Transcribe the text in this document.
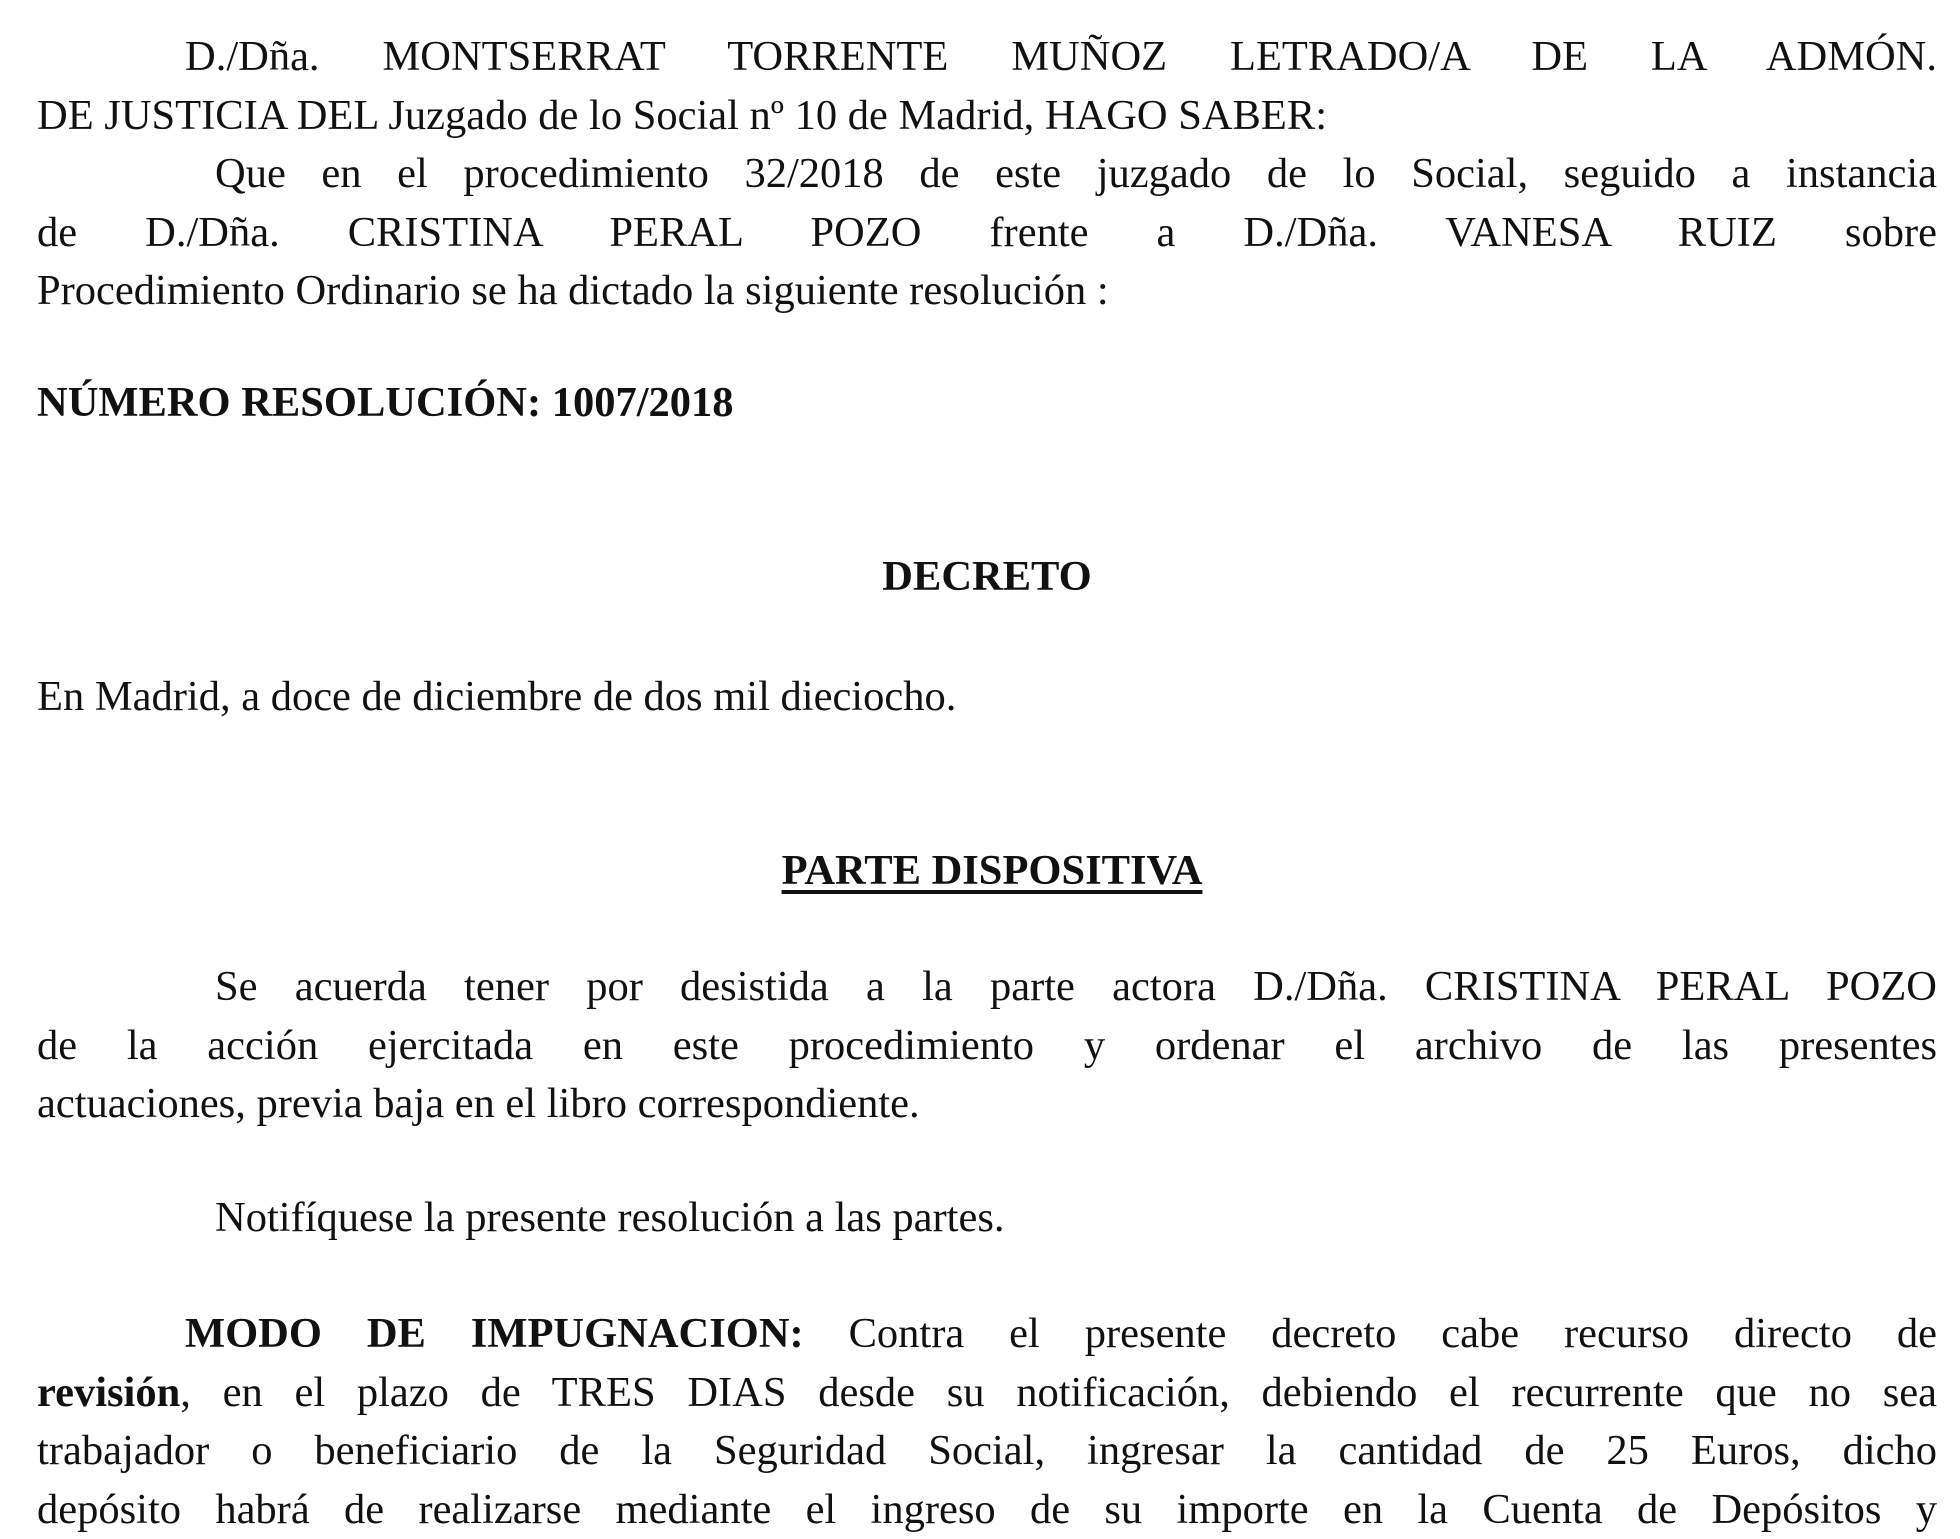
D./Dña. MONTSERRAT TORRENTE MUÑOZ LETRADO/A DE LA ADMÓN.
DE JUSTICIA DEL Juzgado de lo Social nº 10 de Madrid, HAGO SABER:

Que en el procedimiento 32/2018 de este juzgado de lo Social, seguido a instancia
de D./Dña. CRISTINA PERAL POZO frente a D./Dña. VANESA RUIZ sobre
Procedimiento Ordinario se ha dictado la siguiente resolución :

NÚMERO RESOLUCIÓN: 1007/2018

DECRETO

En Madrid, a doce de diciembre de dos mil dieciocho.

PARTE DISPOSITIVA

Se acuerda tener por desistida a la parte actora D./Dña. CRISTINA PERAL POZO
de la acción ejercitada en este procedimiento y ordenar el archivo de las presentes
actuaciones, previa baja en el libro correspondiente.

Notifíquese la presente resolución a las partes.

MODO DE IMPUGNACION: Contra el presente decreto cabe recurso directo de
revisión, en el plazo de TRES DIAS desde su notificación, debiendo el recurrente que no sea
trabajador o beneficiario de la Seguridad Social, ingresar la cantidad de 25 Euros, dicho
depósito habrá de realizarse mediante el ingreso de su importe en la Cuenta de Depósitos y
